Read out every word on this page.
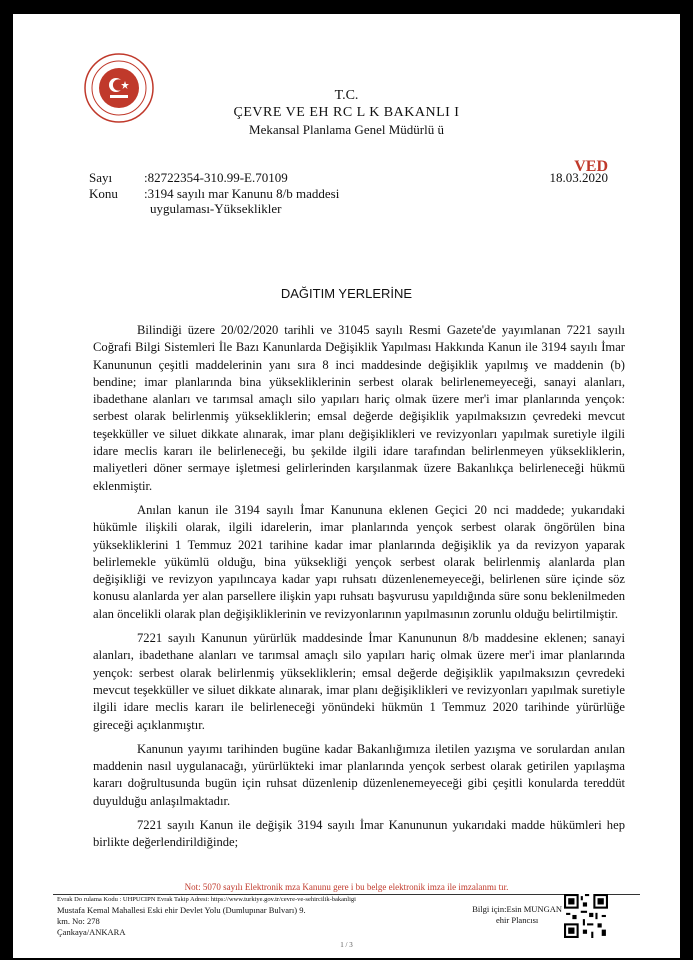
T.C.
ÇEVRE VE EH RC L K BAKANLI I
Mekansal Planlama Genel Müdürlü ü
VED
Sayı :82722354-310.99-E.70109	18.03.2020
Konu :3194 sayılı mar Kanunu 8/b maddesi
uygulaması-Yükseklikler
DAĞITIM YERLERİNE

Bilindiği üzere 20/02/2020 tarihli ve 31045 sayılı Resmi Gazete'de yayımlanan 7221 sayılı Coğrafi Bilgi Sistemleri İle Bazı Kanunlarda Değişiklik Yapılması Hakkında Kanun ile 3194 sayılı İmar Kanununun çeşitli maddelerinin yanı sıra 8 inci maddesinde değişiklik yapılmış ve maddenin (b) bendine; imar planlarında bina yüksekliklerinin serbest olarak belirlenemeyeceği, sanayi alanları, ibadethane alanları ve tarımsal amaçlı silo yapıları hariç olmak üzere mer'i imar planlarında yençok: serbest olarak belirlenmiş yüksekliklerin; emsal değerde değişiklik yapılmaksızın çevredeki mevcut teşekküller ve siluet dikkate alınarak, imar planı değişiklikleri ve revizyonları yapılmak suretiyle ilgili idare meclis kararı ile belirleneceği, bu şekilde ilgili idare tarafından belirlenmeyen yüksekliklerin, maliyetleri döner sermaye işletmesi gelirlerinden karşılanmak üzere Bakanlıkça belirleneceği hükmü eklenmiştir.

Anılan kanun ile 3194 sayılı İmar Kanununa eklenen Geçici 20 nci maddede; yukarıdaki hükümle ilişkili olarak, ilgili idarelerin, imar planlarında yençok serbest olarak öngörülen bina yüksekliklerini 1 Temmuz 2021 tarihine kadar imar planlarında değişiklik ya da revizyon yaparak belirlemekle yükümlü olduğu, bina yüksekliği yençok serbest olarak belirlenmiş alanlarda plan değişikliği ve revizyon yapılıncaya kadar yapı ruhsatı düzenlenemeyeceği, belirlenen süre içinde söz konusu alanlarda yer alan parsellere ilişkin yapı ruhsatı başvurusu yapıldığında süre sonu beklenilmeden alan öncelikli olarak plan değişikliklerinin ve revizyonlarının yapılmasının zorunlu olduğu belirtilmiştir.

7221 sayılı Kanunun yürürlük maddesinde İmar Kanununun 8/b maddesine eklenen; sanayi alanları, ibadethane alanları ve tarımsal amaçlı silo yapıları hariç olmak üzere mer'i imar planlarında yençok: serbest olarak belirlenmiş yüksekliklerin; emsal değerde değişiklik yapılmaksızın çevredeki mevcut teşekküller ve siluet dikkate alınarak, imar planı değişiklikleri ve revizyonları yapılmak suretiyle ilgili idare meclis kararı ile belirleneceği yönündeki hükmün 1 Temmuz 2020 tarihinde yürürlüğe gireceği açıklanmıştır.

Kanunun yayımı tarihinden bugüne kadar Bakanlığımıza iletilen yazışma ve sorulardan anılan maddenin nasıl uygulanacağı, yürürlükteki imar planlarında yençok serbest olarak getirilen yapılaşma kararı doğrultusunda bugün için ruhsat düzenlenip düzenlenemeyeceği gibi çeşitli konularda tereddüt duyulduğu anlaşılmaktadır.

7221 sayılı Kanun ile değişik 3194 sayılı İmar Kanununun yukarıdaki madde hükümleri hep birlikte değerlendirildiğinde;

Not: 5070 sayılı Elektronik mza Kanunu gere i bu belge elektronik imza ile imzalanmı tır.
Evrak Do rulama Kodu : UHPUCIPN Evrak Takip Adresi: https://www.turkiye.gov.tr/cevre-ve-sehircilik-bakanligi
Mustafa Kemal Mahallesi Eski ehir Devlet Yolu (Dumlupınar Bulvarı) 9.
km. No: 278
Çankaya/ANKARA
Bilgi için:Esin MUNGAN
ehir Plancısı
1 / 3
